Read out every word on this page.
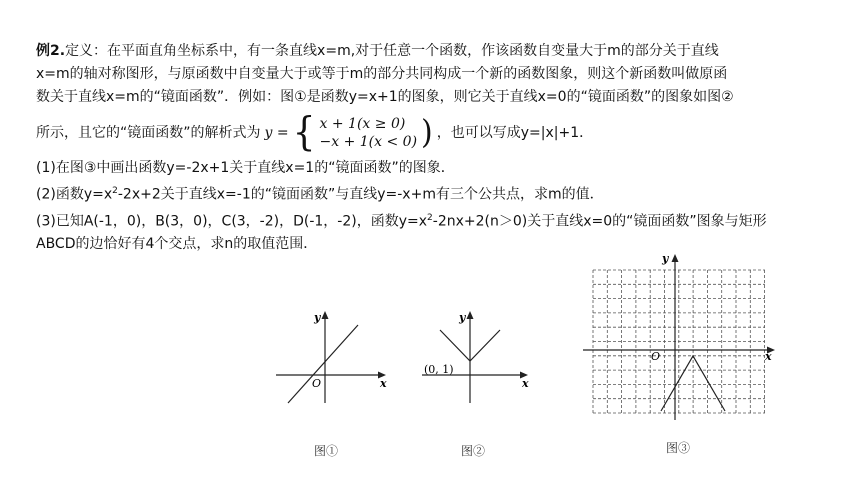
例2.定义：在平面直角坐标系中，有一条直线x=m,对于任意一个函数，作该函数自变量大于m的部分关于直线
x=m的轴对称图形，与原函数中自变量大于或等于m的部分共同构成一个新的函数图象，则这个新函数叫做原函
数关于直线x=m的“镜面函数”．例如：图①是函数y=x+1的图象，则它关于直线x=0的“镜面函数”的图象如图②
所示，且它的“镜面函数”的解析式为 y = { x + 1(x ≥ 0)
−x + 1(x < 0) ) ，也可以写成y=|x|+1．
(1)在图③中画出函数y=-2x+1关于直线x=1的“镜面函数”的图象．
(2)函数$y=x^2-2x+2$关于直线x=-1的“镜面函数”与直线y=-x+m有三个公共点，求m的值．
(3)已知A(-1，0)，B(3，0)，C(3，-2)，D(-1，-2)，函数$y=x^2-2nx+2(n>0)$关于直线x=0的“镜面函数”图象与矩形
ABCD的边恰好有4个交点，求n的取值范围．
x
y
O
图①
(0, 1)
x
y
图②
x
y
O
图③
